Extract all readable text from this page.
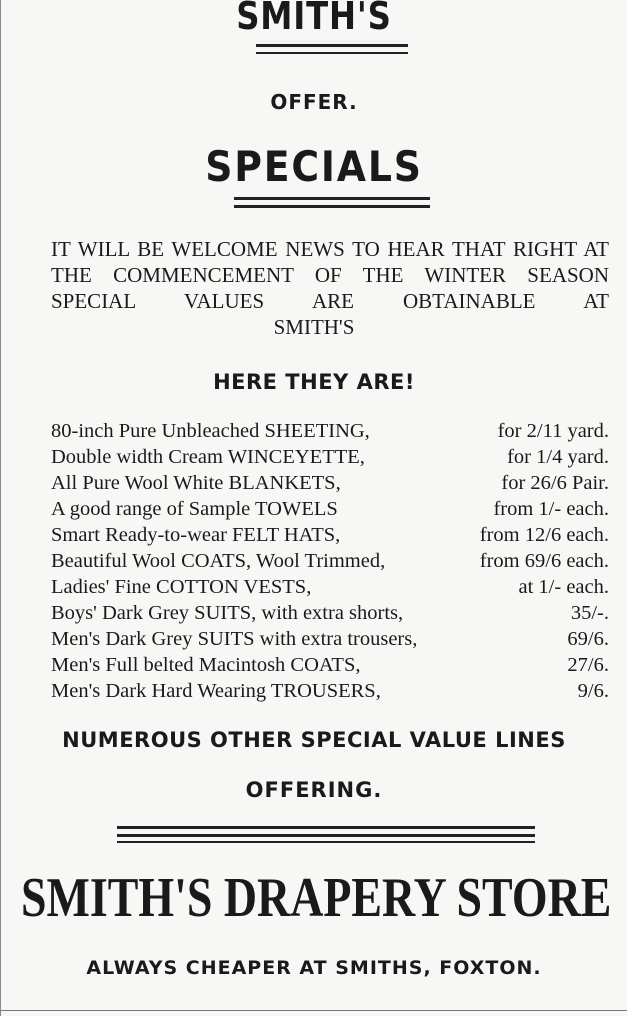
SMITH'S
OFFER.
SPECIALS
IT WILL BE WELCOME NEWS TO HEAR THAT RIGHT AT THE COMMENCEMENT OF THE WINTER SEASON SPECIAL VALUES ARE OBTAINABLE AT
SMITH'S
HERE THEY ARE!
80-inch Pure Unbleached SHEETING,	for 2/11 yard.
Double width Cream WINCEYETTE,	for 1/4 yard.
All Pure Wool White BLANKETS,	for 26/6 Pair.
A good range of Sample TOWELS	from 1/- each.
Smart Ready-to-wear FELT HATS,	from 12/6 each.
Beautiful Wool COATS, Wool Trimmed,	from 69/6 each.
Ladies' Fine COTTON VESTS,	at 1/- each.
Boys' Dark Grey SUITS, with extra shorts,	35/-.
Men's Dark Grey SUITS with extra trousers,	69/6.
Men's Full belted Macintosh COATS,	27/6.
Men's Dark Hard Wearing TROUSERS,	9/6.
NUMEROUS OTHER SPECIAL VALUE LINES
OFFERING.
SMITH'S DRAPERY STORE
ALWAYS CHEAPER AT SMITHS, FOXTON.
